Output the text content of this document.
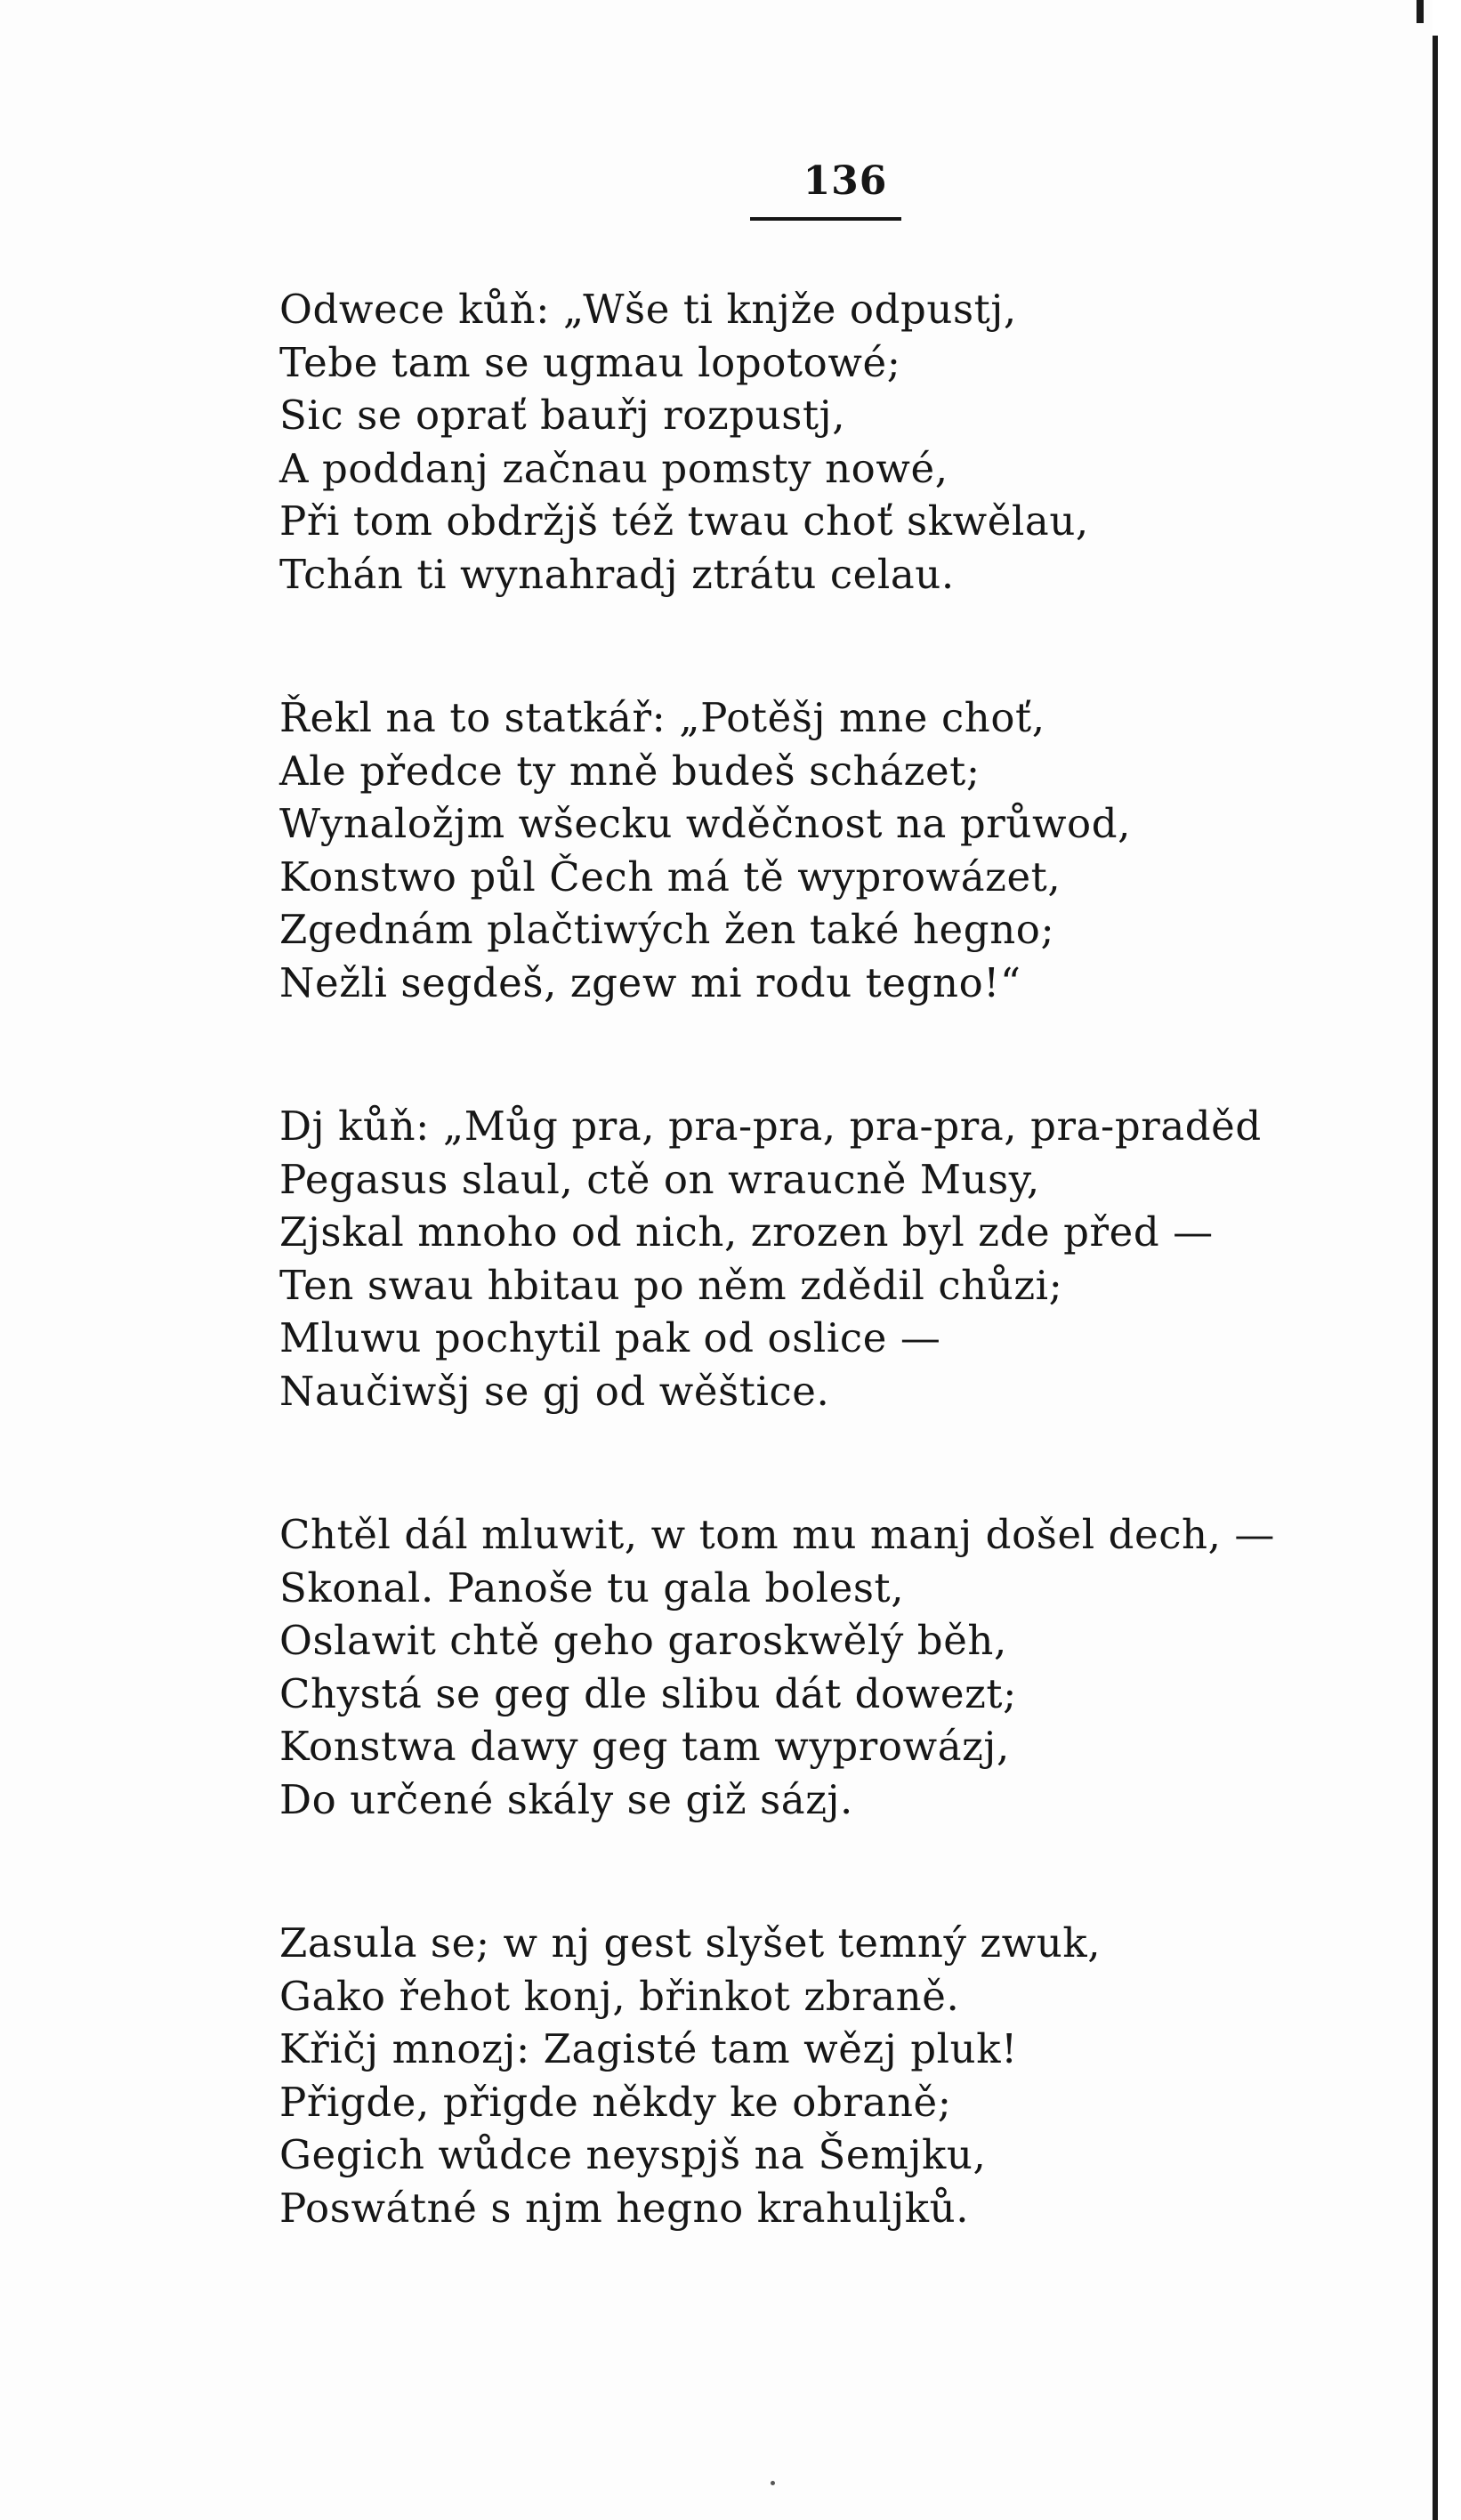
136
Odwece kůň: „Wše ti knjže odpustj,
Tebe tam se ugmau lopotowé;
Sic se oprať bauřj rozpustj,
A poddanj začnau pomsty nowé,
Při tom obdržjš též twau choť skwělau,
Tchán ti wynahradj ztrátu celau.
Řekl na to statkář: „Potěšj mne choť,
Ale předce ty mně budeš scházet;
Wynaložjm wšecku wděčnost na průwod,
Konstwo půl Čech má tě wyprowázet,
Zgednám plačtiwých žen také hegno;
Nežli segdeš, zgew mi rodu tegno!“
Dj kůň: „Můg pra, pra-pra, pra-pra, pra-praděd
Pegasus slaul, ctě on wraucně Musy,
Zjskal mnoho od nich, zrozen byl zde před —
Ten swau hbitau po něm zdědil chůzi;
Mluwu pochytil pak od oslice —
Naučiwšj se gj od wěštice.
Chtěl dál mluwit, w tom mu manj došel dech, —
Skonal. Panoše tu gala bolest,
Oslawit chtě geho garoskwělý běh,
Chystá se geg dle slibu dát dowezt;
Konstwa dawy geg tam wyprowázj,
Do určené skály se giž sázj.
Zasula se; w nj gest slyšet temný zwuk,
Gako řehot konj, břinkot zbraně.
Křičj mnozj: Zagisté tam wězj pluk!
Přigde, přigde někdy ke obraně;
Gegich wůdce neyspjš na Šemjku,
Poswátné s njm hegno krahuljků.
